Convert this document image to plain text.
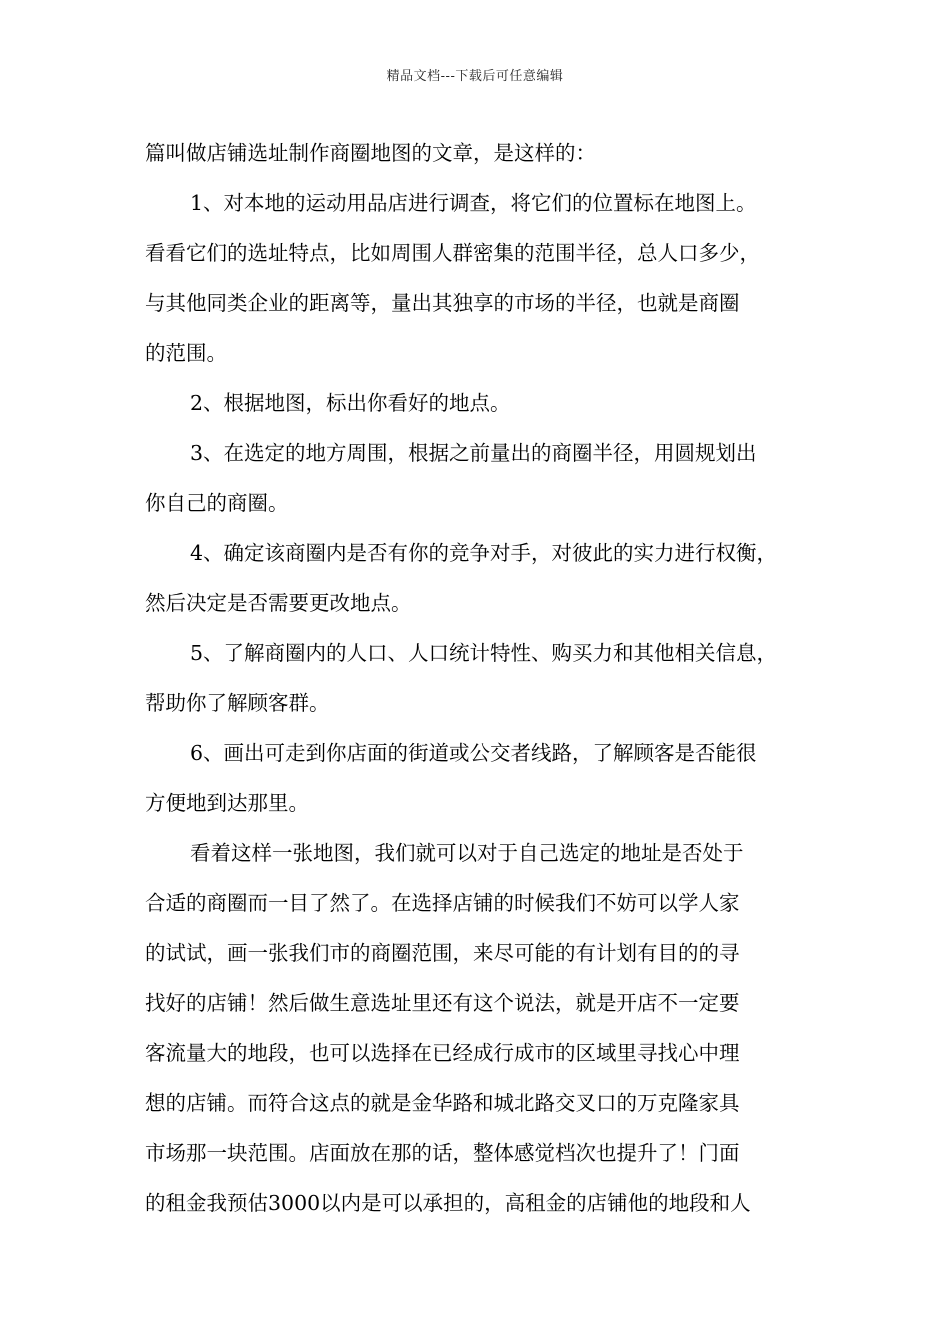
精品文档---下载后可任意编辑
篇叫做店铺选址制作商圈地图的文章，是这样的：
1、对本地的运动用品店进行调查，将它们的位置标在地图上。
看看它们的选址特点，比如周围人群密集的范围半径，总人口多少，
与其他同类企业的距离等，量出其独享的市场的半径，也就是商圈
的范围。
2、根据地图，标出你看好的地点。
3、在选定的地方周围，根据之前量出的商圈半径，用圆规划出
你自己的商圈。
4、确定该商圈内是否有你的竞争对手，对彼此的实力进行权衡，
然后决定是否需要更改地点。
5、了解商圈内的人口、人口统计特性、购买力和其他相关信息，
帮助你了解顾客群。
6、画出可走到你店面的街道或公交者线路，了解顾客是否能很
方便地到达那里。
看着这样一张地图，我们就可以对于自己选定的地址是否处于
合适的商圈而一目了然了。在选择店铺的时候我们不妨可以学人家
的试试，画一张我们市的商圈范围，来尽可能的有计划有目的的寻
找好的店铺！然后做生意选址里还有这个说法，就是开店不一定要
客流量大的地段，也可以选择在已经成行成市的区域里寻找心中理
想的店铺。而符合这点的就是金华路和城北路交叉口的万克隆家具
市场那一块范围。店面放在那的话，整体感觉档次也提升了！门面
的租金我预估3000以内是可以承担的，高租金的店铺他的地段和人
